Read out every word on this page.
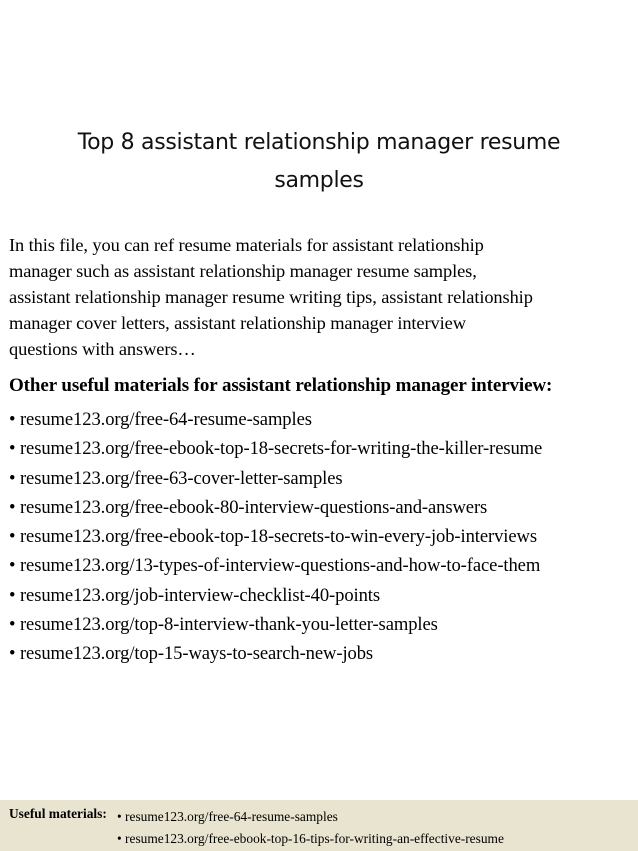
Top 8 assistant relationship manager resume
samples

In this file, you can ref resume materials for assistant relationship
manager such as assistant relationship manager resume samples,
assistant relationship manager resume writing tips, assistant relationship
manager cover letters, assistant relationship manager interview
questions with answers…

Other useful materials for assistant relationship manager interview:
• resume123.org/free-64-resume-samples
• resume123.org/free-ebook-top-18-secrets-for-writing-the-killer-resume
• resume123.org/free-63-cover-letter-samples
• resume123.org/free-ebook-80-interview-questions-and-answers
• resume123.org/free-ebook-top-18-secrets-to-win-every-job-interviews
• resume123.org/13-types-of-interview-questions-and-how-to-face-them
• resume123.org/job-interview-checklist-40-points
• resume123.org/top-8-interview-thank-you-letter-samples
• resume123.org/top-15-ways-to-search-new-jobs
Useful materials: • resume123.org/free-64-resume-samples
• resume123.org/free-ebook-top-16-tips-for-writing-an-effective-resume
